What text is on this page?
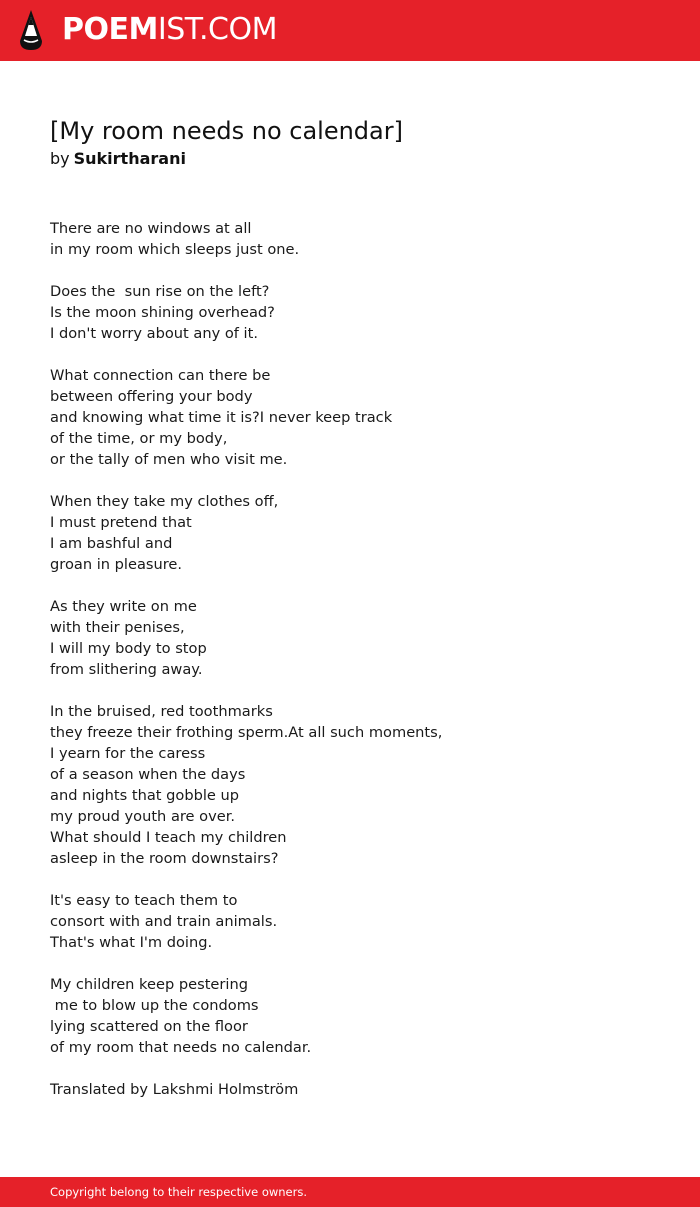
POEMIST.COM
[My room needs no calendar]
by Sukirtharani
There are no windows at all
in my room which sleeps just one.
Does the  sun rise on the left?
Is the moon shining overhead?
I don't worry about any of it.
What connection can there be
between offering your body
and knowing what time it is?I never keep track
of the time, or my body,
or the tally of men who visit me.
When they take my clothes off,
I must pretend that
I am bashful and
groan in pleasure.
As they write on me
with their penises,
I will my body to stop
from slithering away.
In the bruised, red toothmarks
they freeze their frothing sperm.At all such moments,
I yearn for the caress
of a season when the days
and nights that gobble up
my proud youth are over.
What should I teach my children
asleep in the room downstairs?
It's easy to teach them to
consort with and train animals.
That's what I'm doing.
My children keep pestering
me to blow up the condoms
lying scattered on the floor
of my room that needs no calendar.
Translated by Lakshmi Holmström
Copyright belong to their respective owners.
